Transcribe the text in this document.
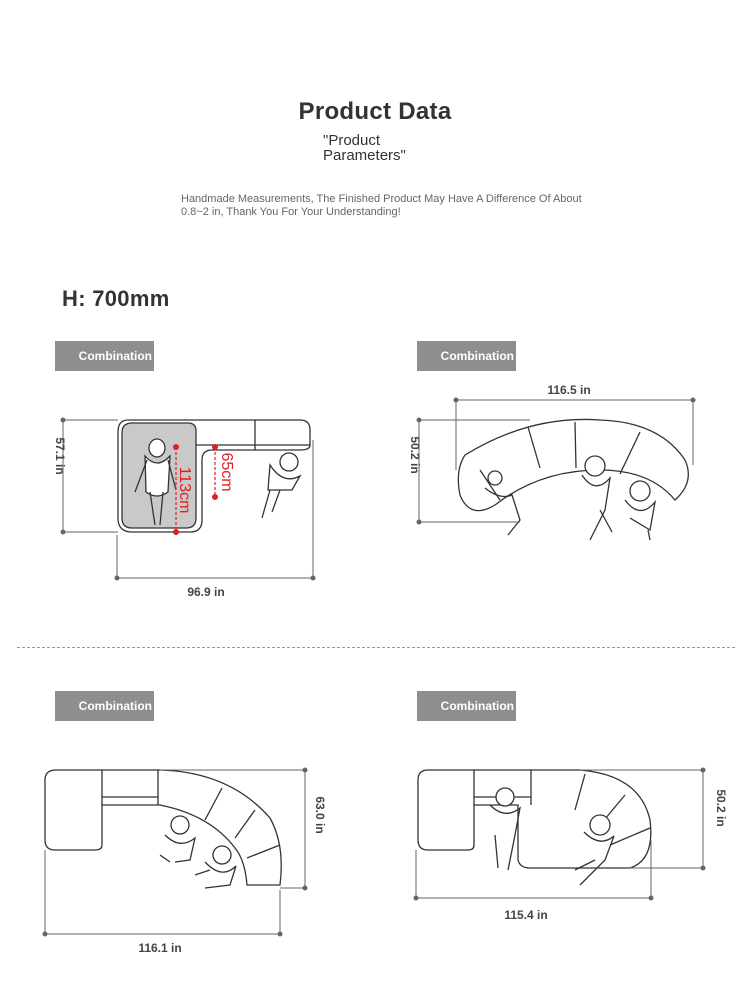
Product Data
"Product
Parameters"
Handmade Measurements, The Finished Product May Have A Difference Of About 0.8~2 in, Thank You For Your Understanding!
H: 700mm
Combination	Combination
Combination	Combination
96.9 in
57.1 in
116.5 in
50.2 in
116.1 in
63.0 in
115.4 in
50.2 in
113cm 65cm
